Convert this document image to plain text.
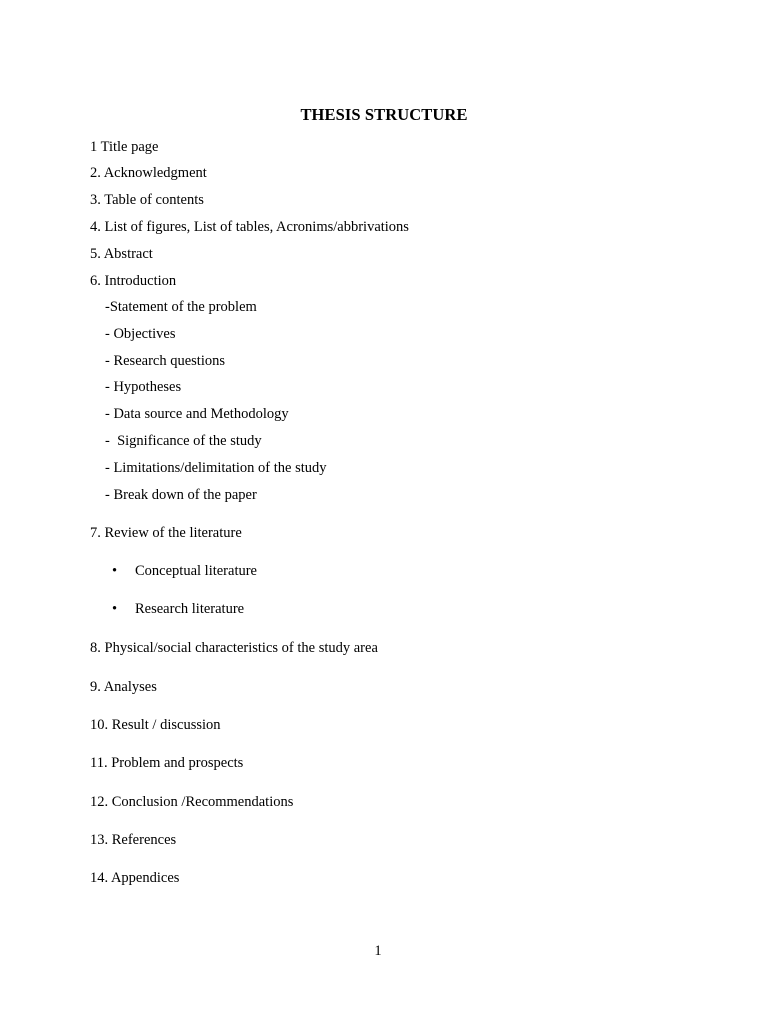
THESIS STRUCTURE
1 Title page
2. Acknowledgment
3. Table of contents
4. List of figures, List of tables, Acronims/abbrivations
5. Abstract
6. Introduction
-Statement of the problem
- Objectives
- Research questions
- Hypotheses
- Data source and Methodology
-  Significance of the study
- Limitations/delimitation of the study
- Break down of the paper
7. Review of the literature
• Conceptual literature
• Research literature
8. Physical/social characteristics of the study area
9. Analyses
10. Result / discussion
11. Problem and prospects
12. Conclusion /Recommendations
13. References
14. Appendices
1
